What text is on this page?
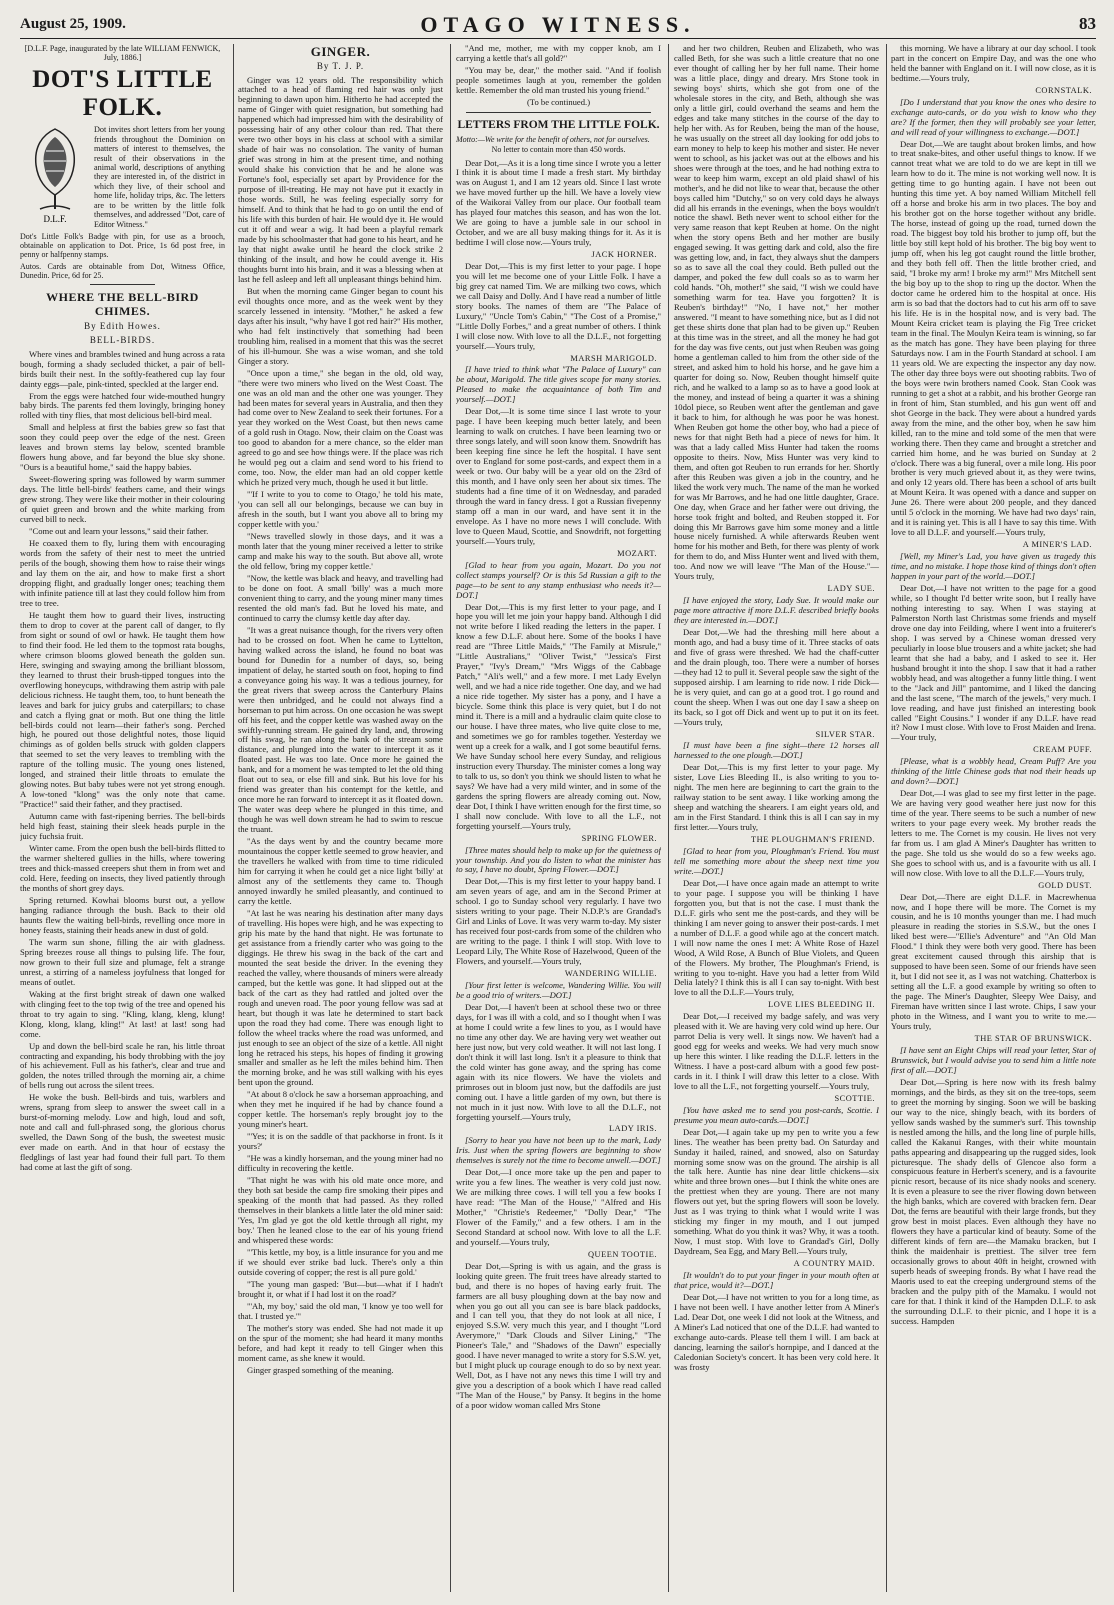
August 25, 1909.	OTAGO WITNESS.	83
[D.L.F. Page, inaugurated by the late WILLIAM FENWICK, July, 1886.]
DOT'S LITTLE FOLK.
D.L.F.
Dot invites short letters from her young friends throughout the Dominion on matters of interest to themselves, the result of their observations in the animal world, descriptions of anything they are interested in, of the district in which they live, of their school and home life, holiday trips, &c. The letters are to be written by the little folk themselves, and addressed "Dot, care of Editor Witness."
Dot's Little Folk's Badge with pin, for use as a brooch, obtainable on application to Dot. Price, 1s 6d post free, in penny or halfpenny stamps.
Autos. Cards are obtainable from Dot, Witness Office, Dunedin. Price, 6d for 25.
WHERE THE BELL-BIRD CHIMES.
By Edith Howes.
BELL-BIRDS.

Where vines and brambles twined and hung across a rata bough, forming a shady secluded thicket, a pair of bell-birds built their nest. In the softly-feathered cup lay four dainty eggs—pale, pink-tinted, speckled at the larger end.

From the eggs were hatched four wide-mouthed hungry baby birds. The parents fed them lovingly, bringing honey rolled with tiny flies, that most delicious bell-bird meal.

Small and helpless at first the babies grew so fast that soon they could peep over the edge of the nest. Green leaves and brown stems lay below, scented bramble flowers hung above, and far beyond the blue sky shone. "Ours is a beautiful home," said the happy babies.

Sweet-flowering spring was followed by warm summer days. The little bell-birds' feathers came, and their wings grew strong. They were like their mother in their colouring of quiet green and brown and the white marking from curved bill to neck.

"Come out and learn your lessons," said their father.

He coaxed them to fly, luring them with encouraging words from the safety of their nest to meet the untried perils of the bough, showing them how to raise their wings and lay them on the air, and how to make first a short dropping flight, and gradually longer ones; teaching them with infinite patience till at last they could follow him from tree to tree.

He taught them how to guard their lives, instructing them to drop to cover at the parent call of danger, to fly from sight or sound of owl or hawk. He taught them how to find their food. He led them to the topmost rata boughs, where crimson blooms glowed beneath the golden sun. Here, swinging and swaying among the brilliant blossom, they learned to thrust their brush-tipped tongues into the overflowing honeycups, withdrawing them astrip with pale delicious richness. He taught them, too, to hunt beneath the leaves and bark for juicy grubs and caterpillars; to chase and catch a flying gnat or moth. But one thing the little bell-birds could not learn—their father's song. Perched high, he poured out those delightful notes, those liquid chimings as of golden bells struck with golden clappers that seemed to set the very leaves to trembling with the rapture of the tolling music. The young ones listened, longed, and strained their little throats to emulate the glowing notes. But baby tubes were not yet strong enough. A low-toned "klong" was the only note that came. "Practice!" said their father, and they practised.

Autumn came with fast-ripening berries. The bell-birds held high feast, staining their sleek heads purple in the juicy fuchsia fruit.

Winter came. From the open bush the bell-birds flitted to the warmer sheltered gullies in the hills, where towering trees and thick-massed creepers shut them in from wet and cold. Here, feeding on insects, they lived patiently through the months of short grey days.

Spring returned. Kowhai blooms burst out, a yellow hanging radiance through the bush. Back to their old haunts flew the waiting bell-birds, revelling once more in honey feasts, staining their heads anew in dust of gold.

The warm sun shone, filling the air with gladness. Spring breezes rouse all things to pulsing life. The four, now grown to their full size and plumage, felt a strange unrest, a stirring of a nameless joyfulness that longed for means of outlet.

Waking at the first bright streak of dawn one walked with clinging feet to the top twig of the tree and opened his throat to try again to sing. "Kling, klang, kleng, klung! Klong, klong, klang, kling!" At last! at last! song had come.

Up and down the bell-bird scale he ran, his little throat contracting and expanding, his body throbbing with the joy of his achievement. Full as his father's, clear and true and golden, the notes trilled through the morning air, a chime of bells rung out across the silent trees.

He woke the bush. Bell-birds and tuis, warblers and wrens, sprang from sleep to answer the sweet call in a burst-of-morning melody. Low and high, loud and soft, note and call and full-phrased song, the glorious chorus swelled, the Dawn Song of the bush, the sweetest music ever made on earth. And in that hour of ecstasy the fledglings of last year had found their full part. To them had come at last the gift of song.

GINGER.
By T. J. P.

Ginger was 12 years old. The responsibility which attached to a head of flaming red hair was only just beginning to dawn upon him. Hitherto he had accepted the name of Ginger with quiet resignation, but something had happened which had impressed him with the desirability of possessing hair of any other colour than red. That there were two other boys in his class at school with a similar shade of hair was no consolation. The vanity of human grief was strong in him at the present time, and nothing would shake his conviction that he and he alone was Fortune's fool, especially set apart by Providence for the purpose of ill-treating. He may not have put it exactly in those words. Still, he was feeling especially sorry for himself. And to think that he had to go on until the end of his life with this burden of hair. He would dye it. He would cut it off and wear a wig. It had been a playful remark made by his schoolmaster that had gone to his heart, and he lay that night awake until he heard the clock strike 2 thinking of the insult, and how he could avenge it. His thoughts burnt into his brain, and it was a blessing when at last he fell asleep and left all unpleasant things behind him.

But when the morning came Ginger began to count his evil thoughts once more, and as the week went by they scarcely lessened in intensity. "Mother," he asked a few days after his insult, "why have I got red hair?" His mother, who had felt instinctively that something had been troubling him, realised in a moment that this was the secret of his ill-humour. She was a wise woman, and she told Ginger a story.

"Once upon a time," she began in the old, old way, "there were two miners who lived on the West Coast. The one was an old man and the other one was younger. They had been mates for several years in Australia, and then they had come over to New Zealand to seek their fortunes. For a year they worked on the West Coast, but then news came of a gold rush in Otago. Now, their claim on the Coast was too good to abandon for a mere chance, so the elder man agreed to go and see how things were. If the place was rich he would peg out a claim and send word to his friend to come, too. Now, the elder man had an old copper kettle which he prized very much, though he used it but little.

"'If I write to you to come to Otago,' he told his mate, 'you can sell all our belongings, because we can buy in afresh in the south, but I want you above all to bring my copper kettle with you.'

"News travelled slowly in those days, and it was a month later that the young miner received a letter to strike camp and make his way to the south. But above all, wrote the old fellow, 'bring my copper kettle.'

"Now, the kettle was black and heavy, and travelling had to be done on foot. A small 'billy' was a much more convenient thing to carry, and the young miner many times resented the old man's fad. But he loved his mate, and continued to carry the clumsy kettle day after day.

"It was a great nuisance though, for the rivers very often had to be crossed on foot. When he came to Lyttelton, having walked across the island, he found no boat was bound for Dunedin for a number of days, so, being impatient of delay, he started south on foot, hoping to find a conveyance going his way. It was a tedious journey, for the great rivers that sweep across the Canterbury Plains were then unbridged, and he could not always find a horseman to put him across. On one occasion he was swept off his feet, and the copper kettle was washed away on the swiftly-running stream. He gained dry land, and, throwing off his swag, he ran along the bank of the stream some distance, and plunged into the water to intercept it as it floated past. He was too late. Once more he gained the bank, and for a moment he was tempted to let the old thing float out to sea, or else fill and sink. But his love for his friend was greater than his contempt for the kettle, and once more he ran forward to intercept it as it floated down. The water was deep where he plunged in this time, and though he was well down stream he had to swim to rescue the truant.

"As the days went by and the country became more mountainous the copper kettle seemed to grow heavier, and the travellers he walked with from time to time ridiculed him for carrying it when he could get a nice light 'billy' at almost any of the settlements they came to. Though annoyed inwardly he smiled pleasantly, and continued to carry the kettle.

"At last he was nearing his destination after many days of travelling. His hopes were high, and he was expecting to grip his mate by the hand that night. He was fortunate to get assistance from a friendly carter who was going to the diggings. He threw his swag in the back of the cart and mounted the seat beside the driver. In the evening they reached the valley, where thousands of miners were already camped, but the kettle was gone. It had slipped out at the back of the cart as they had rattled and jolted over the rough and uneven road. The poor young fellow was sad at heart, but though it was late he determined to start back upon the road they had come. There was enough light to follow the wheel tracks where the road was unformed, and just enough to see an object of the size of a kettle. All night long he retraced his steps, his hopes of finding it growing smaller and smaller as he left the miles behind him. Then the morning broke, and he was still walking with his eyes bent upon the ground.

"At about 8 o'clock he saw a horseman approaching, and when they met he inquired if he had by chance found a copper kettle. The horseman's reply brought joy to the young miner's heart.

"'Yes; it is on the saddle of that packhorse in front. Is it yours?'

"He was a kindly horseman, and the young miner had no difficulty in recovering the kettle.

"That night he was with his old mate once more, and they both sat beside the camp fire smoking their pipes and speaking of the month that had passed. As they rolled themselves in their blankets a little later the old miner said: 'Yes, I'm glad ye got the old kettle through all right, my boy.' Then he leaned close to the ear of his young friend and whispered these words:

"'This kettle, my boy, is a little insurance for you and me if we should ever strike bad luck. There's only a thin outside covering of copper; the rest is all pure gold.'

"The young man gasped: 'But—but—what if I hadn't brought it, or what if I had lost it on the road?'

"'Ah, my boy,' said the old man, 'I know ye too well for that. I trusted ye.'"

The mother's story was ended. She had not made it up on the spur of the moment; she had heard it many months before, and had kept it ready to tell Ginger when this moment came, as she knew it would.

Ginger grasped something of the meaning.

"And me, mother, me with my copper knob, am I carrying a kettle that's all gold?"

"You may be, dear," the mother said. "And if foolish people sometimes laugh at you, remember the golden kettle. Remember the old man trusted his young friend."

(To be continued.)
LETTERS FROM THE LITTLE FOLK.
Motto:—We write for the benefit of others, not for ourselves.
No letter to contain more than 450 words.

Dear Dot,—As it is a long time since I wrote you a letter I think it is about time I made a fresh start. My birthday was on August 1, and I am 12 years old. Since I last wrote we have moved further up the hill. We have a lovely view of the Waikorai Valley from our place. Our football team has played four matches this season, and has won the lot. We are going to have a jumble sale in our school in October, and we are all busy making things for it. As it is bedtime I will close now.—Yours truly,

JACK HORNER.

Dear Dot,—This is my first letter to your page. I hope you will let me become one of your Little Folk. I have a big grey cat named Tim. We are milking two cows, which we call Daisy and Dolly. And I have read a number of little story books. The names of them are "The Palace of Luxury," "Uncle Tom's Cabin," "The Cost of a Promise," "Little Dolly Forbes," and a great number of others. I think I will close now. With love to all the D.L.F., not forgetting yourself.—Yours truly,

MARSH MARIGOLD.

[I have tried to think what "The Palace of Luxury" can be about, Marigold. The title gives scope for many stories. Pleased to make the acquaintance of both Tim and yourself.—DOT.]

Dear Dot,—It is some time since I last wrote to your page. I have been keeping much better lately, and been learning to walk on crutches. I have been learning two or three songs lately, and will soon know them. Snowdrift has been keeping fine since he left the hospital. I have sent over to England for some post-cards, and expect them in a week or two. Our baby will be a year old on the 23rd of this month, and I have only seen her about six times. The students had a fine time of it on Wednesday, and paraded through the ward in fancy dress. I got a Russian fivepenny stamp off a man in our ward, and have sent it in the envelope. As I have no more news I will conclude. With love to Queen Maud, Scottie, and Snowdrift, not forgetting yourself.—Yours truly,

MOZART.

[Glad to hear from you again, Mozart. Do you not collect stamps yourself? Or is this 5d Russian a gift to the page—to be sent to any stamp enthusiast who needs it?—DOT.]

Dear Dot,—This is my first letter to your page, and I hope you will let me join your happy band. Although I did not write before I liked reading the letters in the paper. I know a few D.L.F. about here. Some of the books I have read are "Three Little Maids," "The Family at Misrule," "Little Australians," "Oliver Twist," "Jessica's First Prayer," "Ivy's Dream," "Mrs Wiggs of the Cabbage Patch," "Ali's well," and a few more. I met Lady Evelyn well, and we had a nice ride together. One day, and we had a nice ride together. My sister has a pony, and I have a bicycle. Some think this place is very quiet, but I do not mind it. There is a mill and a hydraulic claim quite close to our house. I have three mates, who live quite close to me, and sometimes we go for rambles together. Yesterday we went up a creek for a walk, and I got some beautiful ferns. We have Sunday school here every Sunday, and religious instruction every Thursday. The minister comes a long way to talk to us, so don't you think we should listen to what he says? We have had a very mild winter, and in some of the gardens the spring flowers are already coming out. Now, dear Dot, I think I have written enough for the first time, so I shall now conclude. With love to all the L.F., not forgetting yourself.—Yours truly,

SPRING FLOWER.

[Three mates should help to make up for the quietness of your township. And you do listen to what the minister has to say, I have no doubt, Spring Flower.—DOT.]

Dear Dot,—This is my first letter to your happy band. I am seven years of age, and am in the Second Primer at school. I go to Sunday school very regularly. I have two sisters writing to your page. Their N.D.P.'s are Grandad's Girl and Links of Love. It was very warm to-day. My sister has received four post-cards from some of the children who are writing to the page. I think I will stop. With love to Leopard Lily, The White Rose of Hazelwood, Queen of the Flowers, and yourself.—Yours truly,

WANDERING WILLIE.

[Your first letter is welcome, Wandering Willie. You will be a good trio of writers.—DOT.]

Dear Dot,—I haven't been at school these two or three days, for I was ill with a cold, and so I thought when I was at home I could write a few lines to you, as I would have no time any other day. We are having very wet weather out here just now, but very cold weather. It will not last long. I don't think it will last long. Isn't it a pleasure to think that the cold winter has gone away, and the spring has come again with its nice flowers. We have the violets and primroses out in bloom just now, but the daffodils are just coming out. I have a little garden of my own, but there is not much in it just now. With love to all the D.L.F., not forgetting yourself.—Yours truly,

LADY IRIS.

[Sorry to hear you have not been up to the mark, Lady Iris. Just when the spring flowers are beginning to show themselves is surely not the time to become unwell.—DOT.]

Dear Dot,—I once more take up the pen and paper to write you a few lines. The weather is very cold just now. We are milking three cows. I will tell you a few books I have read: "The Man of the House," "Alfred and His Mother," "Christie's Redeemer," "Dolly Dear," "The Flower of the Family," and a few others. I am in the Second Standard at school now. With love to all the L.F. and yourself.—Yours truly,

QUEEN TOOTIE.

Dear Dot,—Spring is with us again, and the grass is looking quite green. The fruit trees have already started to bud, and there is no hopes of having early fruit. The farmers are all busy ploughing down at the bay now and when you go out all you can see is bare black paddocks, and I can tell you, that they do not look at all nice, I enjoyed S.S.W. very much this year, and I thought "Lord Averymore," "Dark Clouds and Silver Lining," "The Pioneer's Tale," and "Shadows of the Dawn" especially good. I have never managed to write a story for S.S.W. yet, but I might pluck up courage enough to do so by next year. Well, Dot, as I have not any news this time I will try and give you a description of a book which I have read called "The Man of the House," by Pansy. It begins in the home of a poor widow woman called Mrs Stone

and her two children, Reuben and Elizabeth, who was called Beth, for she was such a little creature that no one ever thought of calling her by her full name. Their home was a little place, dingy and dreary. Mrs Stone took in sewing boys' shirts, which she got from one of the wholesale stores in the city, and Beth, although she was only a little girl, could overhand the seams and hem the edges and take many stitches in the course of the day to help her with. As for Reuben, being the man of the house, he was usually on the street all day looking for odd jobs to earn money to help to keep his mother and sister. He never went to school, as his jacket was out at the elbows and his shoes were through at the toes, and he had nothing extra to wear to keep him warm, except an old plaid shawl of his mother's, and he did not like to wear that, because the other boys called him "Dutchy," so on very cold days he always did all his errands in the evenings, when the boys wouldn't notice the shawl. Beth never went to school either for the very same reason that kept Reuben at home. On the night when the story opens Beth and her mother are busily engaged sewing. It was getting dark and cold, also the fire was getting low, and, in fact, they always shut the dampers so as to save all the coal they could. Beth pulled out the damper, and poked the few dull coals so as to warm her cold hands. "Oh, mother!" she said, "I wish we could have something warm for tea. Have you forgotten? It is Reuben's birthday!" "No, I have not," her mother answered. "I meant to have something nice, but as I did not get these shirts done that plan had to be given up." Reuben at this time was in the street, and all the money he had got for the day was five cents, out just when Reuben was going home a gentleman called to him from the other side of the street, and asked him to hold his horse, and he gave him a quarter for doing so. Now, Reuben thought himself quite rich, and he walked to a lamp so as to have a good look at the money, and instead of being a quarter it was a shining 10dol piece, so Reuben went after the gentleman and gave it back to him, for although he was poor he was honest. When Reuben got home the other boy, who had a piece of news for that night Beth had a piece of news for him. It was that a lady called Miss Hunter had taken the rooms opposite to theirs. Now, Miss Hunter was very kind to them, and often got Reuben to run errands for her. Shortly after this Reuben was given a job in the country, and he liked the work very much. The name of the man he worked for was Mr Barrows, and he had one little daughter, Grace. One day, when Grace and her father were out driving, the horse took fright and bolted, and Reuben stopped it. For doing this Mr Barrows gave him some money and a little house nicely furnished. A while afterwards Reuben went home for his mother and Beth, for there was plenty of work for them to do, and Miss Hunter went and lived with them, too. And now we will leave "The Man of the House."—Yours truly,

LADY SUE.

[I have enjoyed the story, Lady Sue. It would make our page more attractive if more D.L.F. described briefly books they are interested in.—DOT.]

Dear Dot,—We had the threshing mill here about a month ago, and had a busy time of it. Three stacks of oats and five of grass were threshed. We had the chaff-cutter and the drain plough, too. There were a number of horses—they had 12 to pull it. Several people saw the sight of the supposed airship. I am learning to ride now. I ride Dick—he is very quiet, and can go at a good trot. I go round and count the sheep. When I was out one day I saw a sheep on its back, so I got off Dick and went up to put it on its feet.—Yours truly,

SILVER STAR.

[I must have been a fine sight—there 12 horses all harnessed to the one plough.—DOT.]

Dear Dot,—This is my first letter to your page. My sister, Love Lies Bleeding II., is also writing to you to-night. The men here are beginning to cart the grain to the railway station to be sent away. I like working among the sheep and watching the shearers. I am eight years old, and am in the First Standard. I think this is all I can say in my first letter.—Yours truly,

THE PLOUGHMAN'S FRIEND.

[Glad to hear from you, Ploughman's Friend. You must tell me something more about the sheep next time you write.—DOT.]

Dear Dot,—I have once again made an attempt to write to your page. I suppose you will be thinking I have forgotten you, but that is not the case. I must thank the D.L.F. girls who sent me the post-cards, and they will be thinking I am never going to answer their post-cards. I met a number of D.L.F. a good while ago at the concert match. I will now name the ones I met: A White Rose of Hazel Wood, A Wild Rose, A Bunch of Blue Violets, and Queen of the Flowers. My brother, The Ploughman's Friend, is writing to you to-night. Have you had a letter from Wild Delia lately? I think this is all I can say to-night. With best love to all the D.L.F.—Yours truly,

LOVE LIES BLEEDING II.

Dear Dot,—I received my badge safely, and was very pleased with it. We are having very cold wind up here. Our parrot Delia is very well. It sings now. We haven't had a good egg for weeks and weeks. We had very much snow up here this winter. I like reading the D.L.F. letters in the Witness. I have a post-card album with a good few post-cards in it. I think I will draw this letter to a close. With love to all the L.F., not forgetting yourself.—Yours truly,

SCOTTIE.

[You have asked me to send you post-cards, Scottie. I presume you mean auto-cards.—DOT.]

Dear Dot,—I again take up my pen to write you a few lines. The weather has been pretty bad. On Saturday and Sunday it hailed, rained, and snowed, also on Saturday morning some snow was on the ground. The airship is all the talk here. Auntie has nine dear little chickens—six white and three brown ones—but I think the white ones are the prettiest when they are young. There are not many flowers out yet, but the spring flowers will soon be lovely. Just as I was trying to think what I would write I was sticking my finger in my mouth, and I out jumped something. What do you think it was? Why, it was a tooth. Now, I must stop. With love to Grandad's Girl, Dolly Daydream, Sea Egg, and Mary Bell.—Yours truly,

A COUNTRY MAID.

[It wouldn't do to put your finger in your mouth often at that price, would it?—DOT.]

Dear Dot,—I have not written to you for a long time, as I have not been well. I have another letter from A Miner's Lad. Dear Dot, one week I did not look at the Witness, and A Miner's Lad noticed that one of the D.L.F. had wanted to exchange auto-cards. Please tell them I will. I am back at dancing, learning the sailor's hornpipe, and I danced at the Caledonian Society's concert. It has been very cold here. It was frosty

this morning. We have a library at our day school. I took part in the concert on Empire Day, and was the one who held the banner with England on it. I will now close, as it is bedtime.—Yours truly,

CORNSTALK.

[Do I understand that you know the ones who desire to exchange auto-cards, or do you wish to know who they are? If the former, then they will probably see your letter, and will read of your willingness to exchange.—DOT.]

Dear Dot,—We are taught about broken limbs, and how to treat snake-bites, and other useful things to know. If we cannot treat what we are told to do we are kept in till we learn how to do it. The mine is not working well now. It is getting time to go hunting again. I have not been out hunting this time yet. A boy named William Mitchell fell off a horse and broke his arm in two places. The boy and his brother got on the horse together without any bridle. The horse, instead of going up the road, turned down the road. The biggest boy told his brother to jump off, but the little boy still kept hold of his brother. The big boy went to jump off, when his leg got caught round the little brother, and they both fell off. Then the little brother cried, and said, "I broke my arm! I broke my arm!" Mrs Mitchell sent the big boy up to the shop to ring up the doctor. When the doctor came he ordered him to the hospital at once. His arm is so bad that the doctors had to cut his arm off to save his life. He is in the hospital now, and is very bad. The Mount Keira cricket team is playing the Fig Tree cricket team in the final. The Moulyn Keira team is winning, so far as the match has gone. They have been playing for three Saturdays now. I am in the Fourth Standard at school. I am 11 years old. We are expecting the inspector any day now. The other day three boys were out shooting rabbits. Two of the boys were twin brothers named Cook. Stan Cook was running to get a shot at a rabbit, and his brother George ran in front of him, Stan stumbled, and his gun went off and shot George in the back. They were about a hundred yards away from the mine, and the other boy, when he saw him killed, ran to the mine and told some of the men that were working there. Then they came and brought a stretcher and carried him home, and he was buried on Sunday at 2 o'clock. There was a big funeral, over a mile long. His poor brother is very much grieved about it, as they were twins, and only 12 years old. There has been a school of arts built at Mount Keira. It was opened with a dance and supper on June 26. There were about 200 people, and they danced until 5 o'clock in the morning. We have had two days' rain, and it is raining yet. This is all I have to say this time. With love to all D.L.F. and yourself.—Yours truly,

A MINER'S LAD.

[Well, my Miner's Lad, you have given us tragedy this time, and no mistake. I hope those kind of things don't often happen in your part of the world.—DOT.]

Dear Dot,—I have not written to the page for a good while, so I thought I'd better write soon, but I really have nothing interesting to say. When I was staying at Palmerston North last Christmas some friends and myself drove one day into Feilding, where I went into a fruiterer's shop. I was served by a Chinese woman dressed very peculiarly in loose blue trousers and a white jacket; she had learnt that she had a baby, and I asked to see it. Her husband brought it into the shop. I saw that it had a rather wobbly head, and was altogether a funny little thing. I went to the "Jack and Jill" pantomime, and I liked the dancing and the last scene, "The march of the jewels," very much. I love reading, and have just finished an interesting book called "Eight Cousins." I wonder if any D.L.F. have read it? Now I must close. With love to Frost Maiden and Irena.—Your truly,

CREAM PUFF.

[Please, what is a wobbly head, Cream Puff? Are you thinking of the little Chinese gods that nod their heads up and down?—DOT.]

Dear Dot,—I was glad to see my first letter in the page. We are having very good weather here just now for this time of the year. There seems to be such a number of new writers to your page every week. My brother reads the letters to me. The Cornet is my cousin. He lives not very far from us. I am glad A Miner's Daughter has written to the page. She told us she would do so a few weeks ago. She goes to school with us, and is a favourite with us all. I will now close. With love to all the D.L.F.—Yours truly,

GOLD DUST.

Dear Dot,—There are eight D.L.F. in Macrewhenua now, and I hope there will be more. The Cornet is my cousin, and he is 10 months younger than me. I had much pleasure in reading the stories in S.S.W., but the ones I liked best were—"Ellie's Adventure" and "An Old Man Flood." I think they were both very good. There has been great excitement caused through this airship that is supposed to have been seen. Some of our friends have seen it, but I did not see it, as I was not watching. Chatterbox is setting all the L.F. a good example by writing so often to the page. The Miner's Daughter, Sleepy Wee Daisy, and Fireman have written since I last wrote. Chips, I saw your photo in the Witness, and I want you to write to me.—Yours truly,

THE STAR OF BRUNSWICK.

[I have sent an Eight Chips will read your letter, Star of Brunswick, but I would advise you to send him a little note first of all.—DOT.]

Dear Dot,—Spring is here now with its fresh balmy mornings, and the birds, as they sit on the tree-tops, seem to greet the morning by singing. Soon we will be basking our way to the nice, shingly beach, with its borders of yellow sands washed by the summer's surf. This township is nestled among the hills, and the long line of purple hills, called the Kakanui Ranges, with their white mountain paths appearing and disappearing up the rugged sides, look picturesque. The shady dells of Glencoe also form a conspicuous feature in Herbert's scenery, and is a favourite picnic resort, because of its nice shady nooks and scenery. It is even a pleasure to see the river flowing down between the high banks, which are covered with bracken fern. Dear Dot, the ferns are beautiful with their large fronds, but they grow best in moist places. Even although they have no flowers they have a particular kind of beauty. Some of the different kinds of fern are—the Mamaku bracken, but I think the maidenhair is prettiest. The silver tree fern occasionally grows to about 40ft in height, crowned with superb heads of sweeping fronds. By what I have read the Maoris used to eat the creeping underground stems of the bracken and the pulpy pith of the Mamaku. I would not care for that. I think it kind of the Hampden D.L.F. to ask the surrounding D.L.F. to their picnic, and I hope it is a success. Hampden
